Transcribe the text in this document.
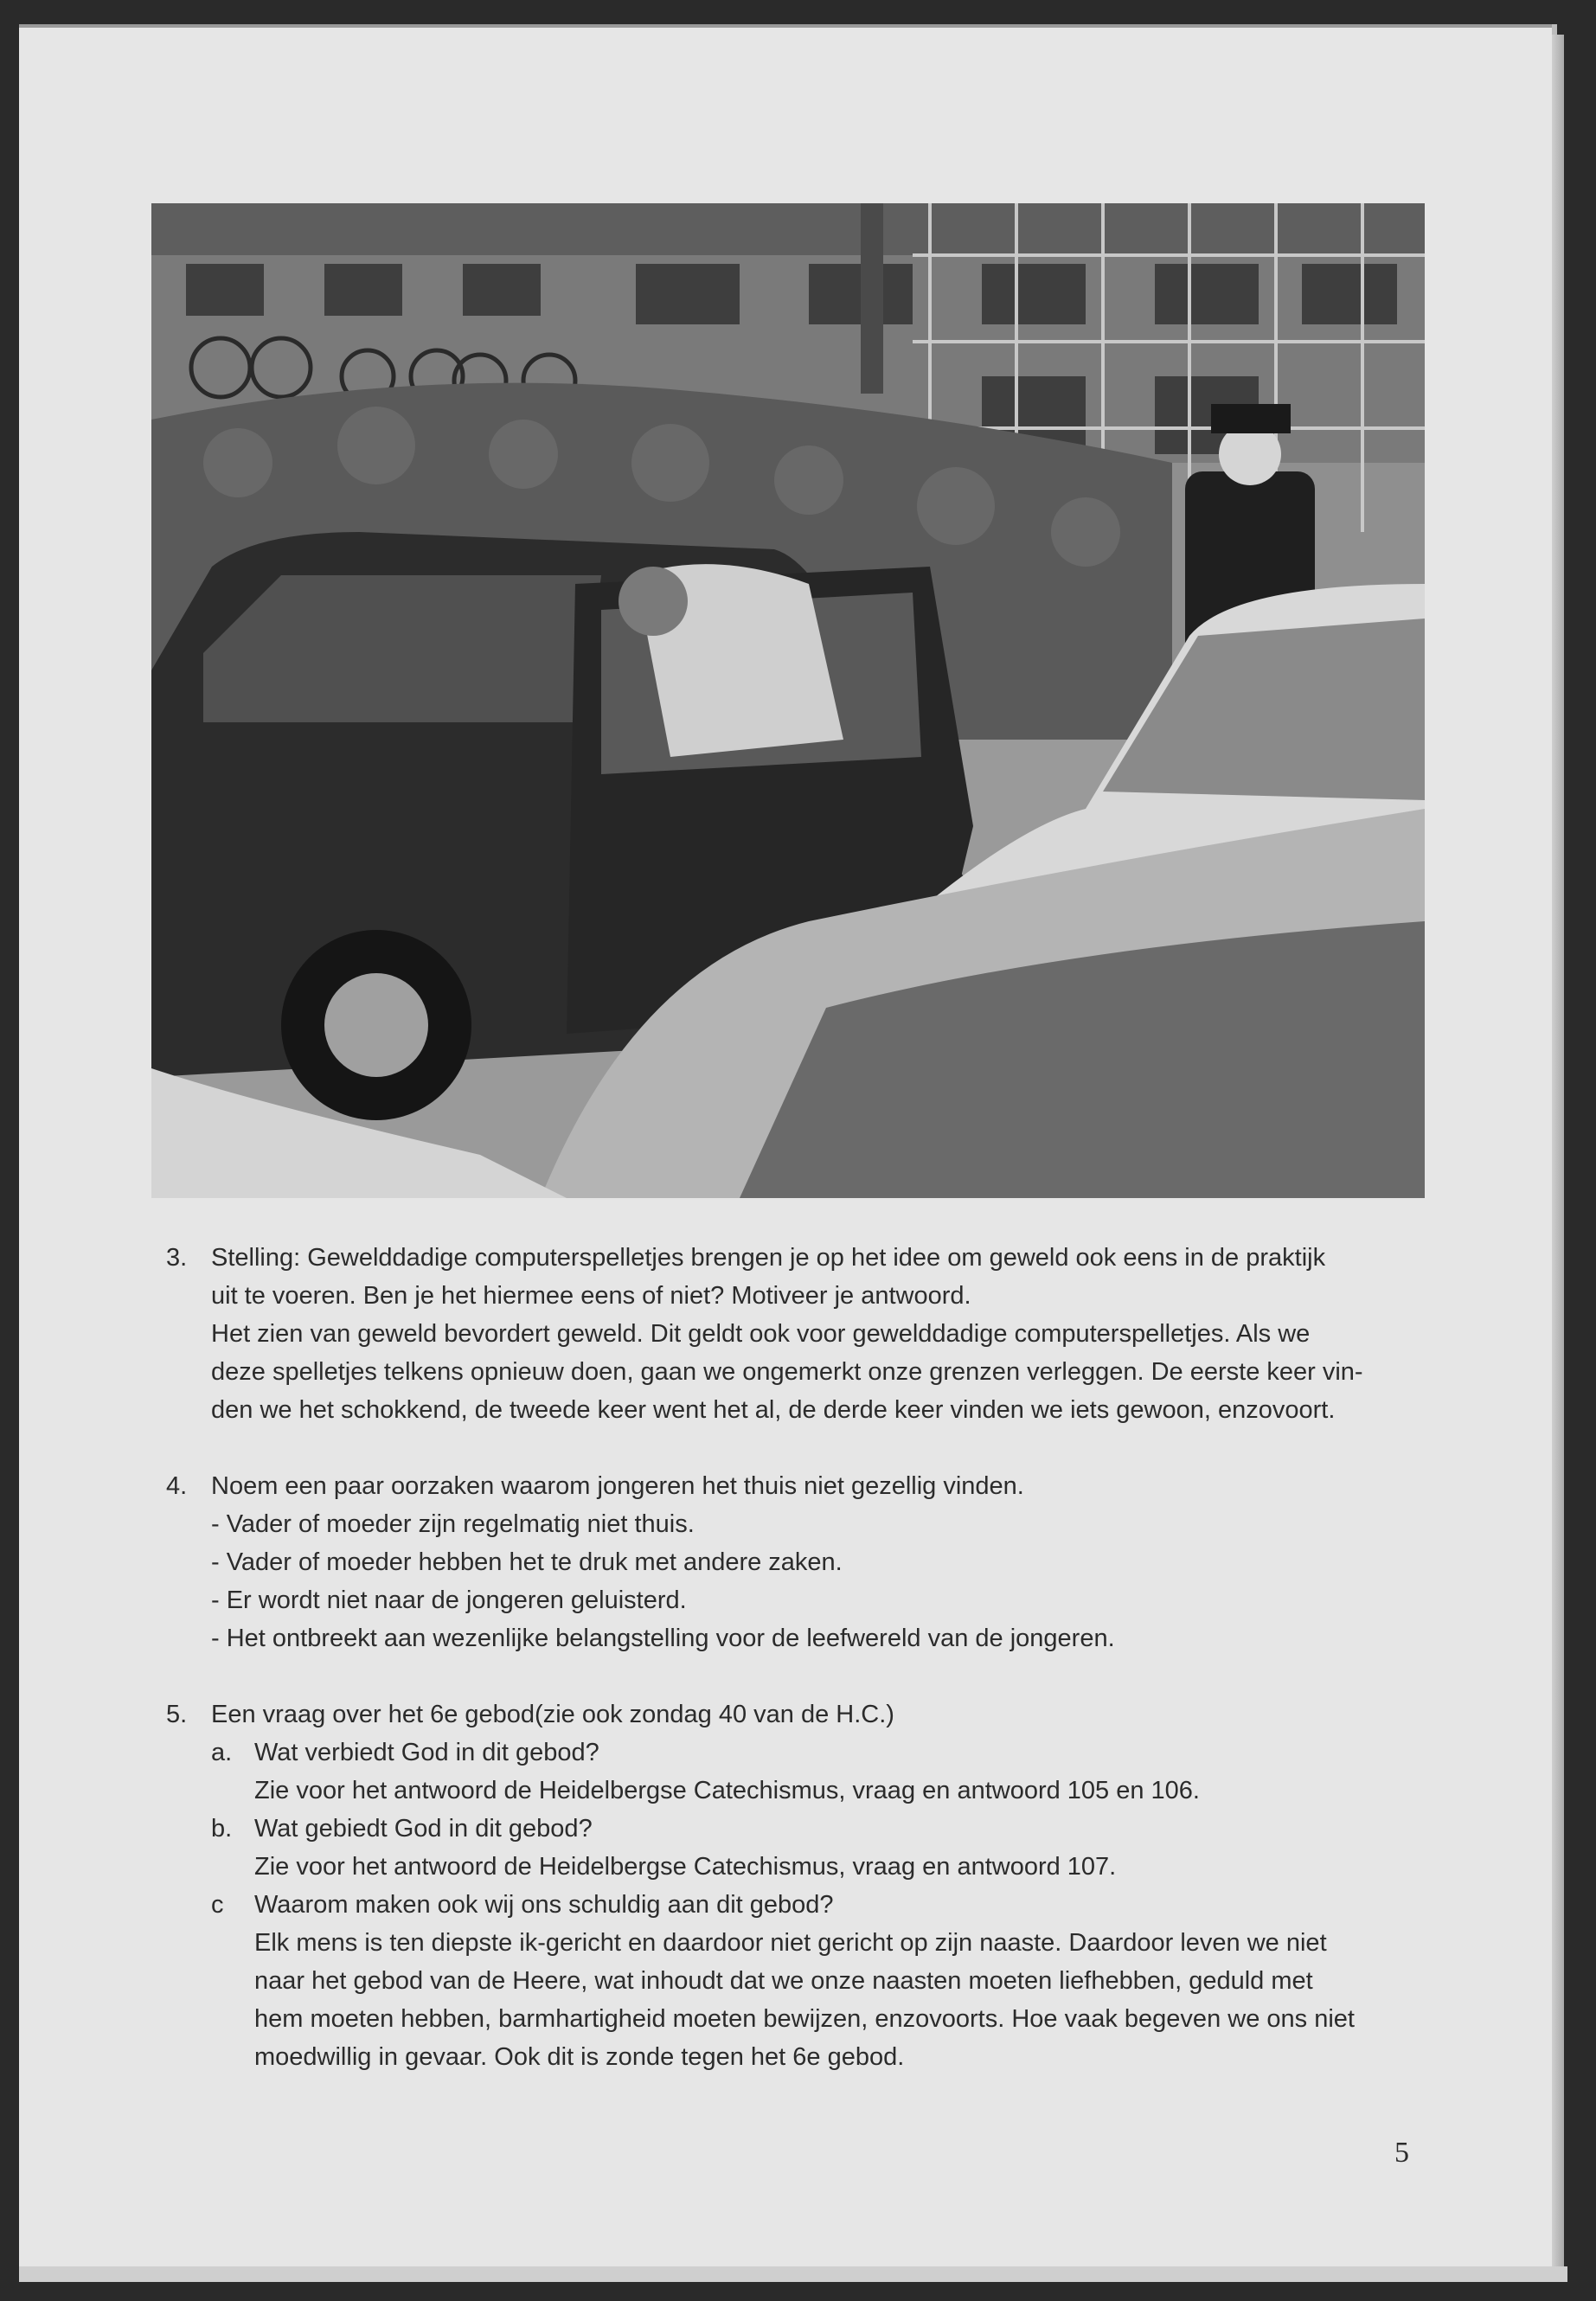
3. Stelling: Gewelddadige computerspelletjes brengen je op het idee om geweld ook eens in de praktijk
uit te voeren. Ben je het hiermee eens of niet? Motiveer je antwoord.
Het zien van geweld bevordert geweld. Dit geldt ook voor gewelddadige computerspelletjes. Als we
deze spelletjes telkens opnieuw doen, gaan we ongemerkt onze grenzen verleggen. De eerste keer vin-
den we het schokkend, de tweede keer went het al, de derde keer vinden we iets gewoon, enzovoort.
4. Noem een paar oorzaken waarom jongeren het thuis niet gezellig vinden.
- Vader of moeder zijn regelmatig niet thuis.
- Vader of moeder hebben het te druk met andere zaken.
- Er wordt niet naar de jongeren geluisterd.
- Het ontbreekt aan wezenlijke belangstelling voor de leefwereld van de jongeren.
5. Een vraag over het 6e gebod(zie ook zondag 40 van de H.C.)
a. Wat verbiedt God in dit gebod?
Zie voor het antwoord de Heidelbergse Catechismus, vraag en antwoord 105 en 106.
b. Wat gebiedt God in dit gebod?
Zie voor het antwoord de Heidelbergse Catechismus, vraag en antwoord 107.
c Waarom maken ook wij ons schuldig aan dit gebod?
Elk mens is ten diepste ik-gericht en daardoor niet gericht op zijn naaste. Daardoor leven we niet
naar het gebod van de Heere, wat inhoudt dat we onze naasten moeten liefhebben, geduld met
hem moeten hebben, barmhartigheid moeten bewijzen, enzovoorts. Hoe vaak begeven we ons niet
moedwillig in gevaar. Ook dit is zonde tegen het 6e gebod.
5
